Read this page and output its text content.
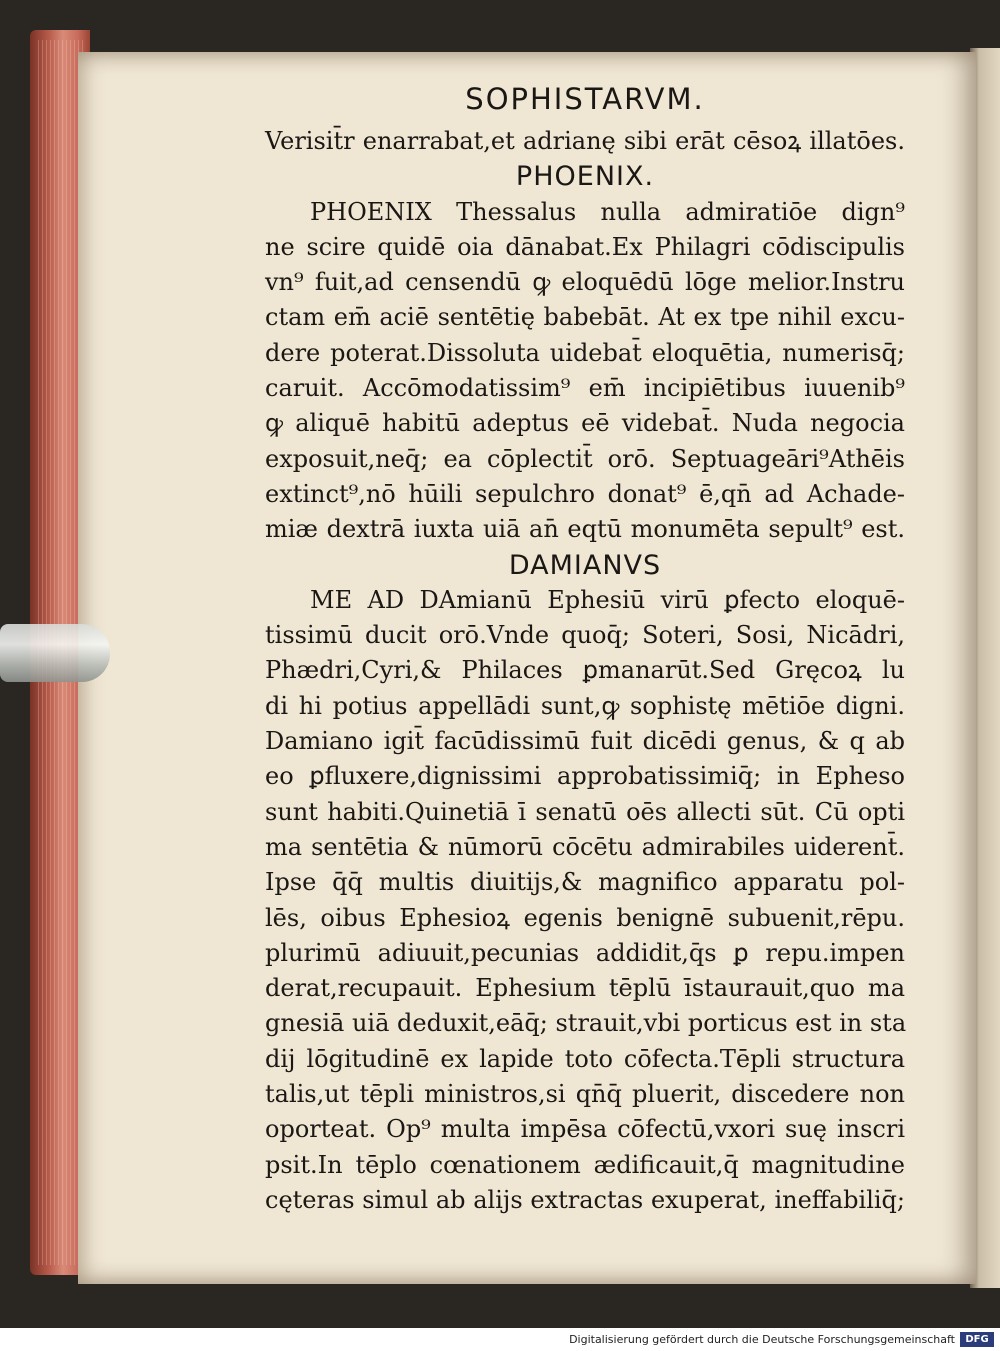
SOPHISTARVM.
Verisit̄r enarrabat,et adrianę sibi erāt cēsoꝝ illatōes.
PHOENIX.
PHOENIX Thessalus nulla admiratiōe dign⁹
ne scire quidē oia dānabat.Ex Philagri cōdiscipulis
vn⁹ fuit,ad censendū ꝙ eloquēdū lōge melior.Instru
ctam em̄ aciē sentētię babebāt. At ex tpe nihil excu-
dere poterat.Dissoluta uidebat̄ eloquētia, numerisq̄;
caruit. Accōmodatissim⁹ em̄ incipiētibus iuuenib⁹
ꝙ aliquē habitū adeptus eē videbat̄. Nuda negocia
exposuit,neq̄; ea cōplectit̄ orō. Septuageāri⁹Athēis
extinct⁹,nō hūili sepulchro donat⁹ ē,qn̄ ad Achade-
miæ dextrā iuxta uiā an̄ eqtū monumēta sepult⁹ est.
DAMIANVS
ME AD DAmianū Ephesiū virū ꝑfecto eloquē-
tissimū ducit orō.Vnde quoq̄; Soteri, Sosi, Nicādri,
Phædri,Cyri,& Philaces ꝑmanarūt.Sed Gręcoꝝ lu
di hi potius appellādi sunt,ꝙ sophistę mētiōe digni.
Damiano igit̄ facūdissimū fuit dicēdi genus, & q ab
eo ꝑfluxere,dignissimi approbatissimiq̄; in Epheso
sunt habiti.Quinetiā ī senatū oēs allecti sūt. Cū opti
ma sentētia & nūmorū cōcētu admirabiles uiderent̄.
Ipse q̄q̄ multis diuitijs,& magnifico apparatu pol-
lēs, oibus Ephesioꝝ egenis benignē subuenit,rēpu.
plurimū adiuuit,pecunias addidit,q̄s ꝑ repu.impen
derat,recupauit. Ephesium tēplū īstaurauit,quo ma
gnesiā uiā deduxit,eāq̄; strauit,vbi porticus est in sta
dij lōgitudinē ex lapide toto cōfecta.Tēpli structura
talis,ut tēpli ministros,si qn̄q̄ pluerit, discedere non
oporteat. Op⁹ multa impēsa cōfectū,vxori suę inscri
psit.In tēplo cœnationem ædificauit,q̄ magnitudine
cęteras simul ab alijs extractas exuperat, ineffabiliq̄;
Digitalisierung gefördert durch die Deutsche Forschungsgemeinschaft	DFG
